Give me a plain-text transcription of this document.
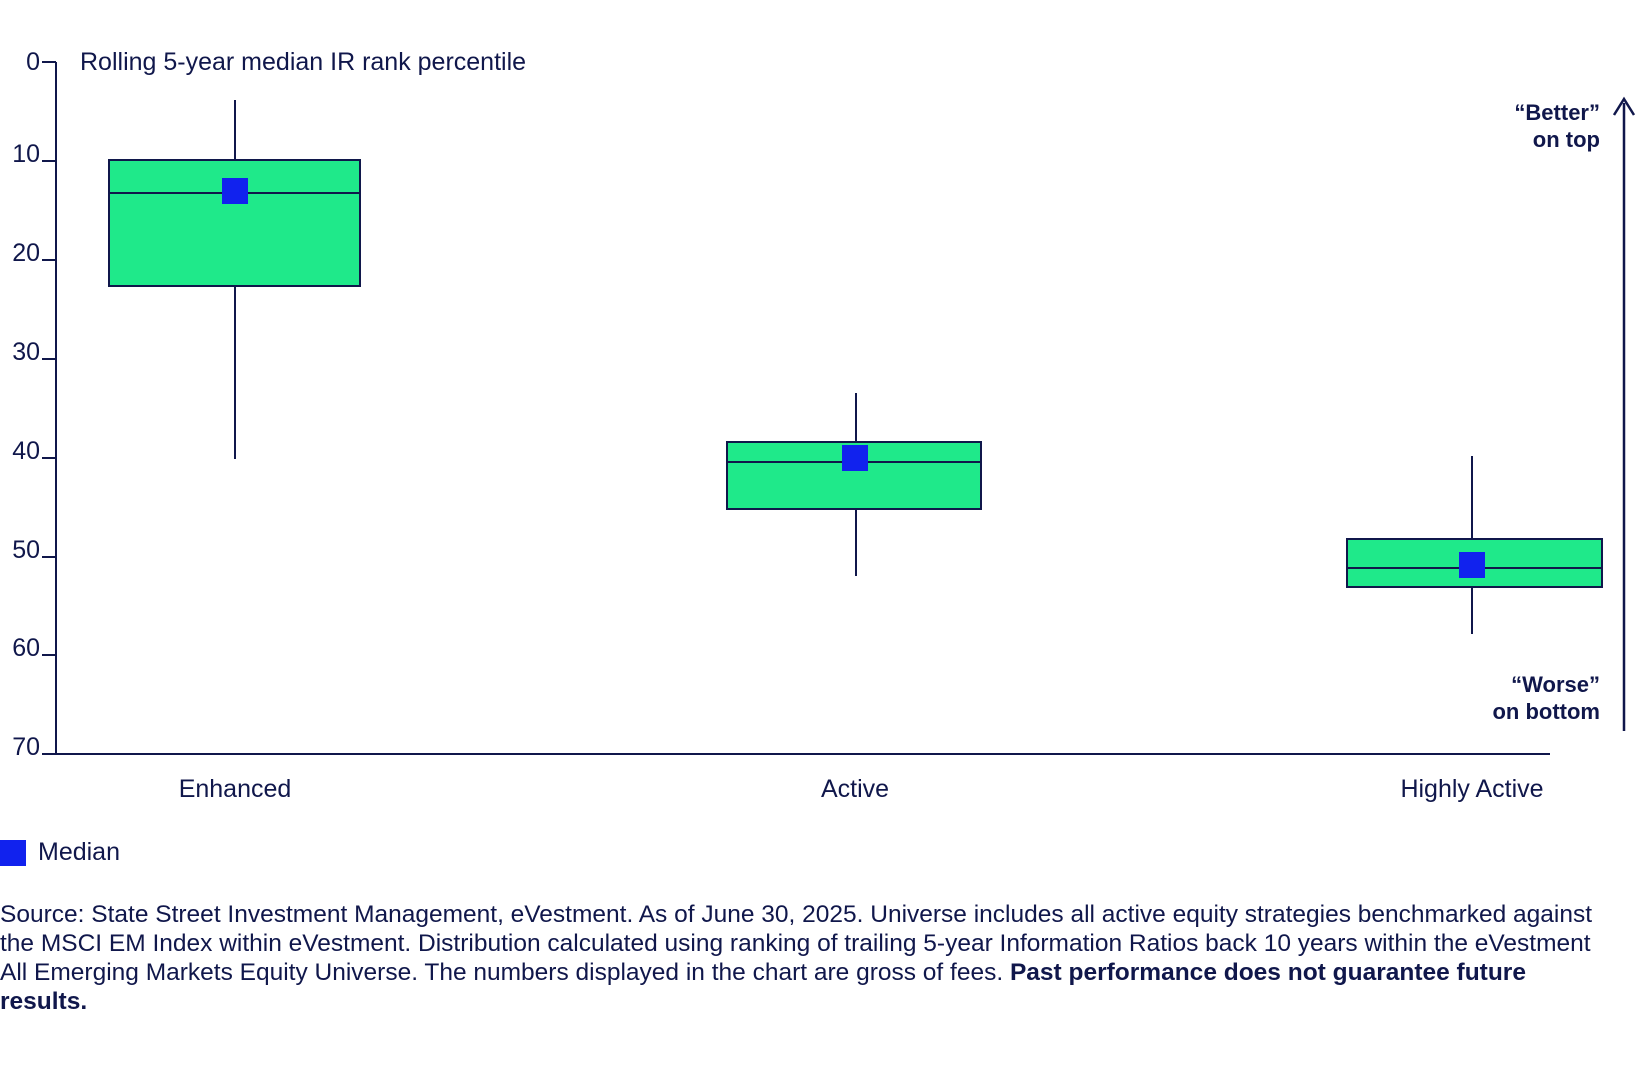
Rolling 5-year median IR rank percentile
0
10
20
30
40
50
60
70
Enhanced	Active	Highly Active
“Better”
on top
“Worse”
on bottom
Median
Source: State Street Investment Management, eVestment. As of June 30, 2025. Universe includes all active equity strategies benchmarked against the MSCI EM Index within eVestment. Distribution calculated using ranking of trailing 5-year Information Ratios back 10 years within the eVestment All Emerging Markets Equity Universe. The numbers displayed in the chart are gross of fees. Past performance does not guarantee future results.
